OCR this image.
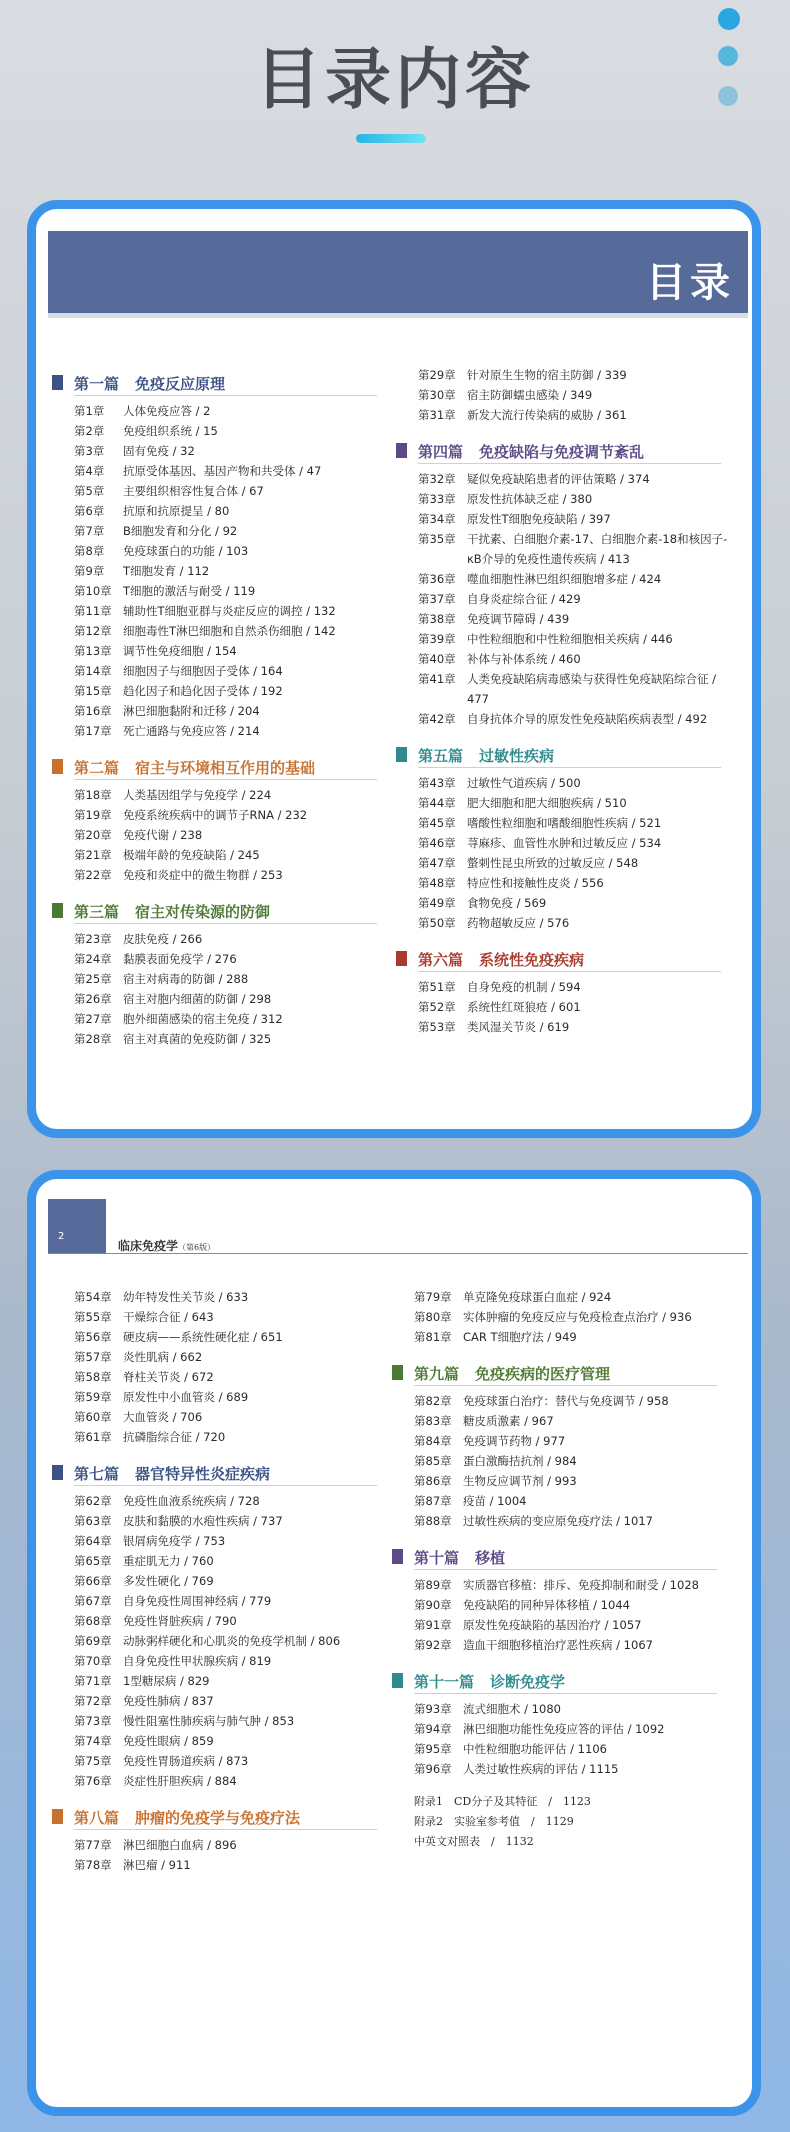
目录内容
目录
第一篇 免疫反应原理
第1章 人体免疫应答 / 2
第2章 免疫组织系统 / 15
第3章 固有免疫 / 32
第4章 抗原受体基因、基因产物和共受体 / 47
第5章 主要组织相容性复合体 / 67
第6章 抗原和抗原提呈 / 80
第7章 B细胞发育和分化 / 92
第8章 免疫球蛋白的功能 / 103
第9章 T细胞发育 / 112
第10章 T细胞的激活与耐受 / 119
第11章 辅助性T细胞亚群与炎症反应的调控 / 132
第12章 细胞毒性T淋巴细胞和自然杀伤细胞 / 142
第13章 调节性免疫细胞 / 154
第14章 细胞因子与细胞因子受体 / 164
第15章 趋化因子和趋化因子受体 / 192
第16章 淋巴细胞黏附和迁移 / 204
第17章 死亡通路与免疫应答 / 214
第二篇 宿主与环境相互作用的基础
第18章 人类基因组学与免疫学 / 224
第19章 免疫系统疾病中的调节子RNA / 232
第20章 免疫代谢 / 238
第21章 极端年龄的免疫缺陷 / 245
第22章 免疫和炎症中的微生物群 / 253
第三篇 宿主对传染源的防御
第23章 皮肤免疫 / 266
第24章 黏膜表面免疫学 / 276
第25章 宿主对病毒的防御 / 288
第26章 宿主对胞内细菌的防御 / 298
第27章 胞外细菌感染的宿主免疫 / 312
第28章 宿主对真菌的免疫防御 / 325
第29章 针对原生生物的宿主防御 / 339
第30章 宿主防御蠕虫感染 / 349
第31章 新发大流行传染病的威胁 / 361
第四篇 免疫缺陷与免疫调节紊乱
第32章 疑似免疫缺陷患者的评估策略 / 374
第33章 原发性抗体缺乏症 / 380
第34章 原发性T细胞免疫缺陷 / 397
第35章 干扰素、白细胞介素-17、白细胞介素-18和核因子-κB介导的免疫性遗传疾病 / 413
第36章 噬血细胞性淋巴组织细胞增多症 / 424
第37章 自身炎症综合征 / 429
第38章 免疫调节障碍 / 439
第39章 中性粒细胞和中性粒细胞相关疾病 / 446
第40章 补体与补体系统 / 460
第41章 人类免疫缺陷病毒感染与获得性免疫缺陷综合征 / 477
第42章 自身抗体介导的原发性免疫缺陷疾病表型 / 492
第五篇 过敏性疾病
第43章 过敏性气道疾病 / 500
第44章 肥大细胞和肥大细胞疾病 / 510
第45章 嗜酸性粒细胞和嗜酸细胞性疾病 / 521
第46章 荨麻疹、血管性水肿和过敏反应 / 534
第47章 螫刺性昆虫所致的过敏反应 / 548
第48章 特应性和接触性皮炎 / 556
第49章 食物免疫 / 569
第50章 药物超敏反应 / 576
第六篇 系统性免疫疾病
第51章 自身免疫的机制 / 594
第52章 系统性红斑狼疮 / 601
第53章 类风湿关节炎 / 619
2
临床免疫学（第6版）
第54章 幼年特发性关节炎 / 633
第55章 干燥综合征 / 643
第56章 硬皮病——系统性硬化症 / 651
第57章 炎性肌病 / 662
第58章 脊柱关节炎 / 672
第59章 原发性中小血管炎 / 689
第60章 大血管炎 / 706
第61章 抗磷脂综合征 / 720
第七篇 器官特异性炎症疾病
第62章 免疫性血液系统疾病 / 728
第63章 皮肤和黏膜的水疱性疾病 / 737
第64章 银屑病免疫学 / 753
第65章 重症肌无力 / 760
第66章 多发性硬化 / 769
第67章 自身免疫性周围神经病 / 779
第68章 免疫性肾脏疾病 / 790
第69章 动脉粥样硬化和心肌炎的免疫学机制 / 806
第70章 自身免疫性甲状腺疾病 / 819
第71章 1型糖尿病 / 829
第72章 免疫性肺病 / 837
第73章 慢性阻塞性肺疾病与肺气肿 / 853
第74章 免疫性眼病 / 859
第75章 免疫性胃肠道疾病 / 873
第76章 炎症性肝胆疾病 / 884
第八篇 肿瘤的免疫学与免疫疗法
第77章 淋巴细胞白血病 / 896
第78章 淋巴瘤 / 911
第79章 单克隆免疫球蛋白血症 / 924
第80章 实体肿瘤的免疫反应与免疫检查点治疗 / 936
第81章 CAR T细胞疗法 / 949
第九篇 免疫疾病的医疗管理
第82章 免疫球蛋白治疗：替代与免疫调节 / 958
第83章 糖皮质激素 / 967
第84章 免疫调节药物 / 977
第85章 蛋白激酶拮抗剂 / 984
第86章 生物反应调节剂 / 993
第87章 疫苗 / 1004
第88章 过敏性疾病的变应原免疫疗法 / 1017
第十篇 移植
第89章 实质器官移植：排斥、免疫抑制和耐受 / 1028
第90章 免疫缺陷的同种异体移植 / 1044
第91章 原发性免疫缺陷的基因治疗 / 1057
第92章 造血干细胞移植治疗恶性疾病 / 1067
第十一篇 诊断免疫学
第93章 流式细胞术 / 1080
第94章 淋巴细胞功能性免疫应答的评估 / 1092
第95章 中性粒细胞功能评估 / 1106
第96章 人类过敏性疾病的评估 / 1115
附录1　CD分子及其特征　/　1123
附录2　实验室参考值　/　1129
中英文对照表　/　1132
